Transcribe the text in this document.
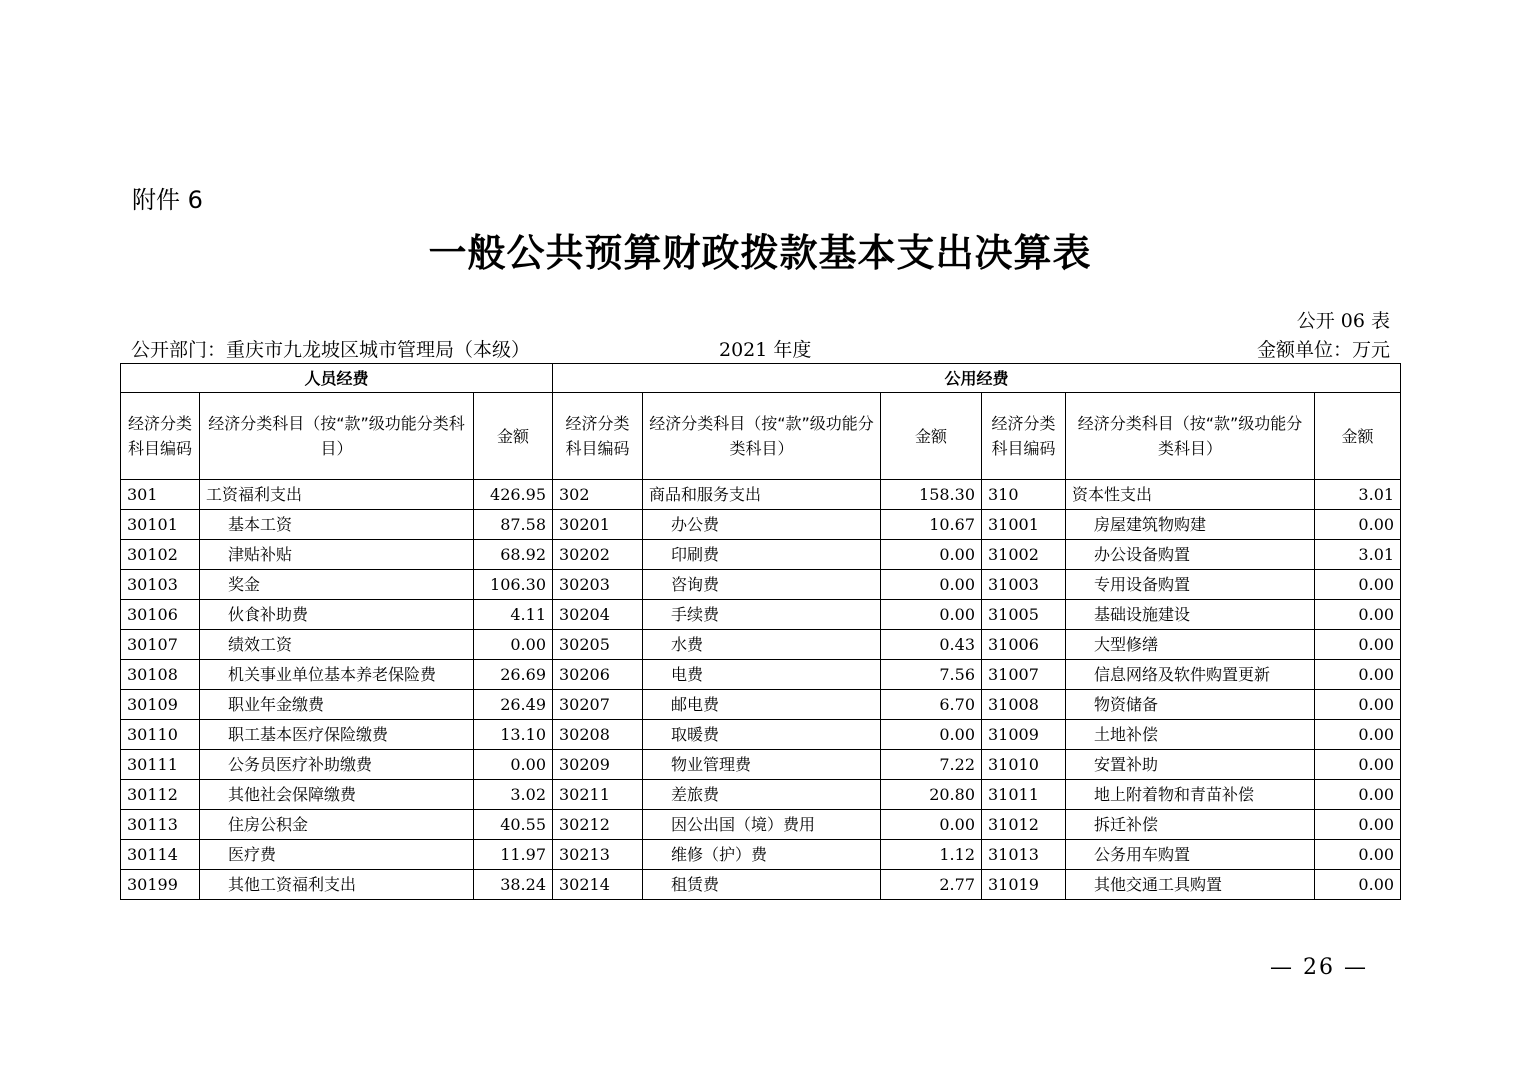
附件 6
一般公共预算财政拨款基本支出决算表
公开 06 表
公开部门：重庆市九龙坡区城市管理局（本级）	2021 年度	金额单位：万元
人员经费			公用经费					
经济分类科目编码	经济分类科目（按“款”级功能分类科目）	金额	经济分类科目编码	经济分类科目（按“款”级功能分类科目）	金额	经济分类科目编码	经济分类科目（按“款”级功能分类科目）	金额
301	工资福利支出	426.95	302	商品和服务支出	158.30	310	资本性支出	3.01
30101	基本工资	87.58	30201	办公费	10.67	31001	房屋建筑物购建	0.00
30102	津贴补贴	68.92	30202	印刷费	0.00	31002	办公设备购置	3.01
30103	奖金	106.30	30203	咨询费	0.00	31003	专用设备购置	0.00
30106	伙食补助费	4.11	30204	手续费	0.00	31005	基础设施建设	0.00
30107	绩效工资	0.00	30205	水费	0.43	31006	大型修缮	0.00
30108	机关事业单位基本养老保险费	26.69	30206	电费	7.56	31007	信息网络及软件购置更新	0.00
30109	职业年金缴费	26.49	30207	邮电费	6.70	31008	物资储备	0.00
30110	职工基本医疗保险缴费	13.10	30208	取暖费	0.00	31009	土地补偿	0.00
30111	公务员医疗补助缴费	0.00	30209	物业管理费	7.22	31010	安置补助	0.00
30112	其他社会保障缴费	3.02	30211	差旅费	20.80	31011	地上附着物和青苗补偿	0.00
30113	住房公积金	40.55	30212	因公出国（境）费用	0.00	31012	拆迁补偿	0.00
30114	医疗费	11.97	30213	维修（护）费	1.12	31013	公务用车购置	0.00
30199	其他工资福利支出	38.24	30214	租赁费	2.77	31019	其他交通工具购置	0.00
— 26 —
